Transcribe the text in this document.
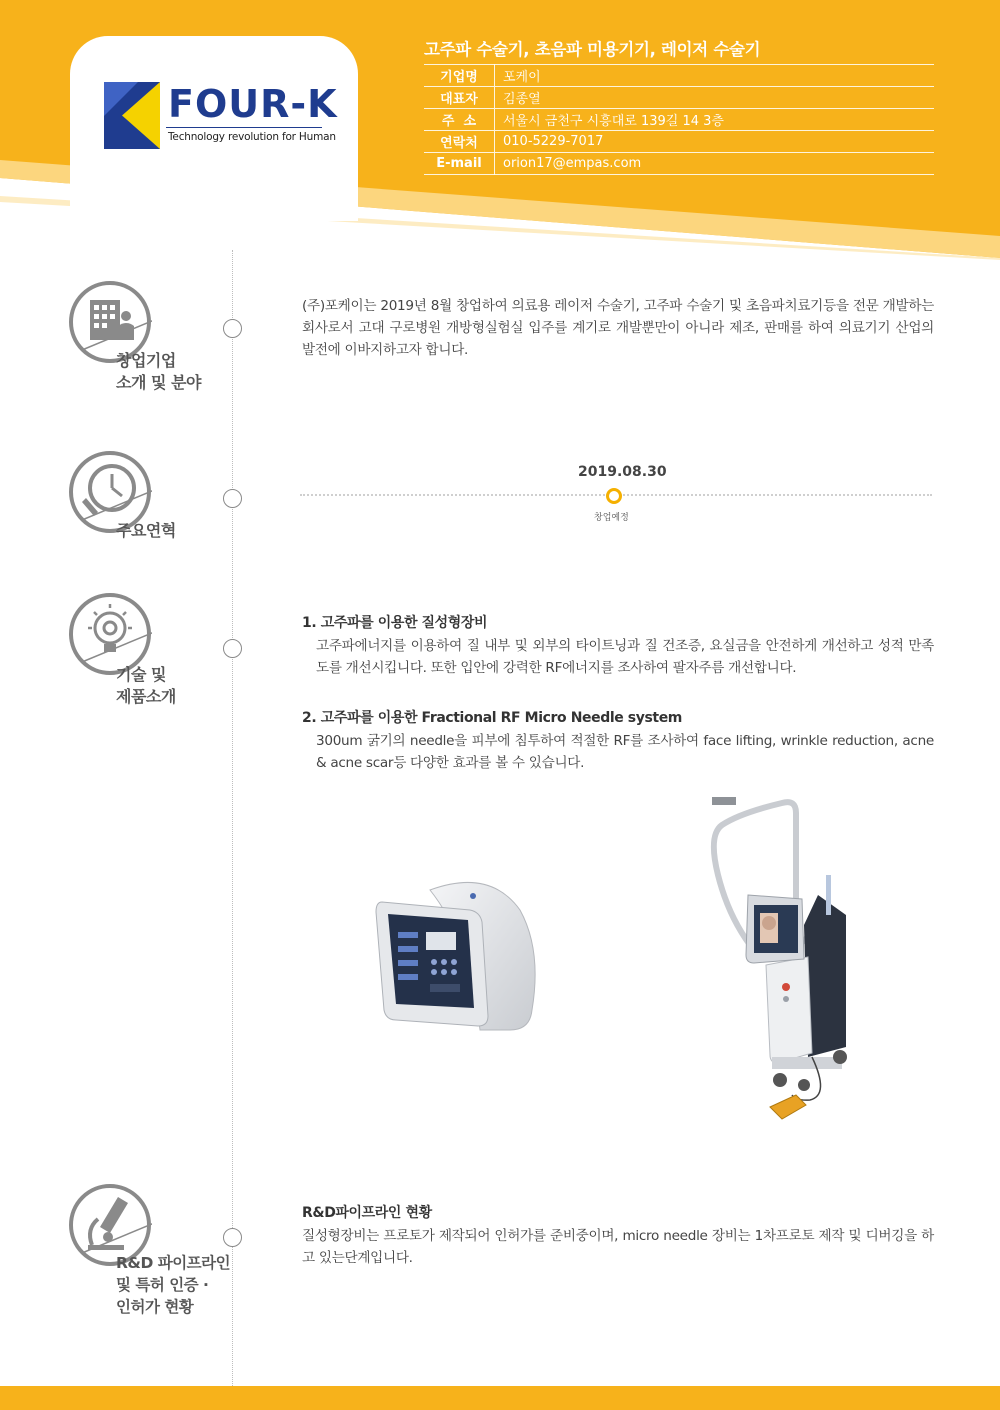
FOUR-K
Technology revolution for Human
고주파 수술기, 초음파 미용기기, 레이저 수술기
기업명	포케이
대표자	김종열
주  소	서울시 금천구 시흥대로 139길 14 3층
연락처	010-5229-7017
E-mail	orion17@empas.com
창업기업
소개 및 분야
(주)포케이는 2019년 8월 창업하여 의료용 레이저 수술기, 고주파 수술기 및 초음파치료기등을 전문 개발하는 회사로서 고대 구로병원 개방형실험실 입주를 계기로 개발뿐만이 아니라 제조, 판매를 하여 의료기기 산업의 발전에 이바지하고자 합니다.
주요연혁
2019.08.30
창업예정
기술 및
제품소개
1. 고주파를 이용한 질성형장비
고주파에너지를 이용하여 질 내부 및 외부의 타이트닝과 질 건조증, 요실금을 안전하게 개선하고 성적 만족도를 개선시킵니다. 또한 입안에 강력한 RF에너지를 조사하여 팔자주름 개선합니다.
2. 고주파를 이용한 Fractional RF Micro Needle system
300um 굵기의 needle을 피부에 침투하여 적절한 RF를 조사하여 face lifting, wrinkle reduction, acne & acne scar등 다양한 효과를 볼 수 있습니다.
R&D 파이프라인
및 특허 인증 ·
인허가 현황
R&D파이프라인 현황
질성형장비는 프로토가 제작되어 인허가를 준비중이며, micro needle 장비는 1차프로토 제작 및 디버깅을 하고 있는단계입니다.
